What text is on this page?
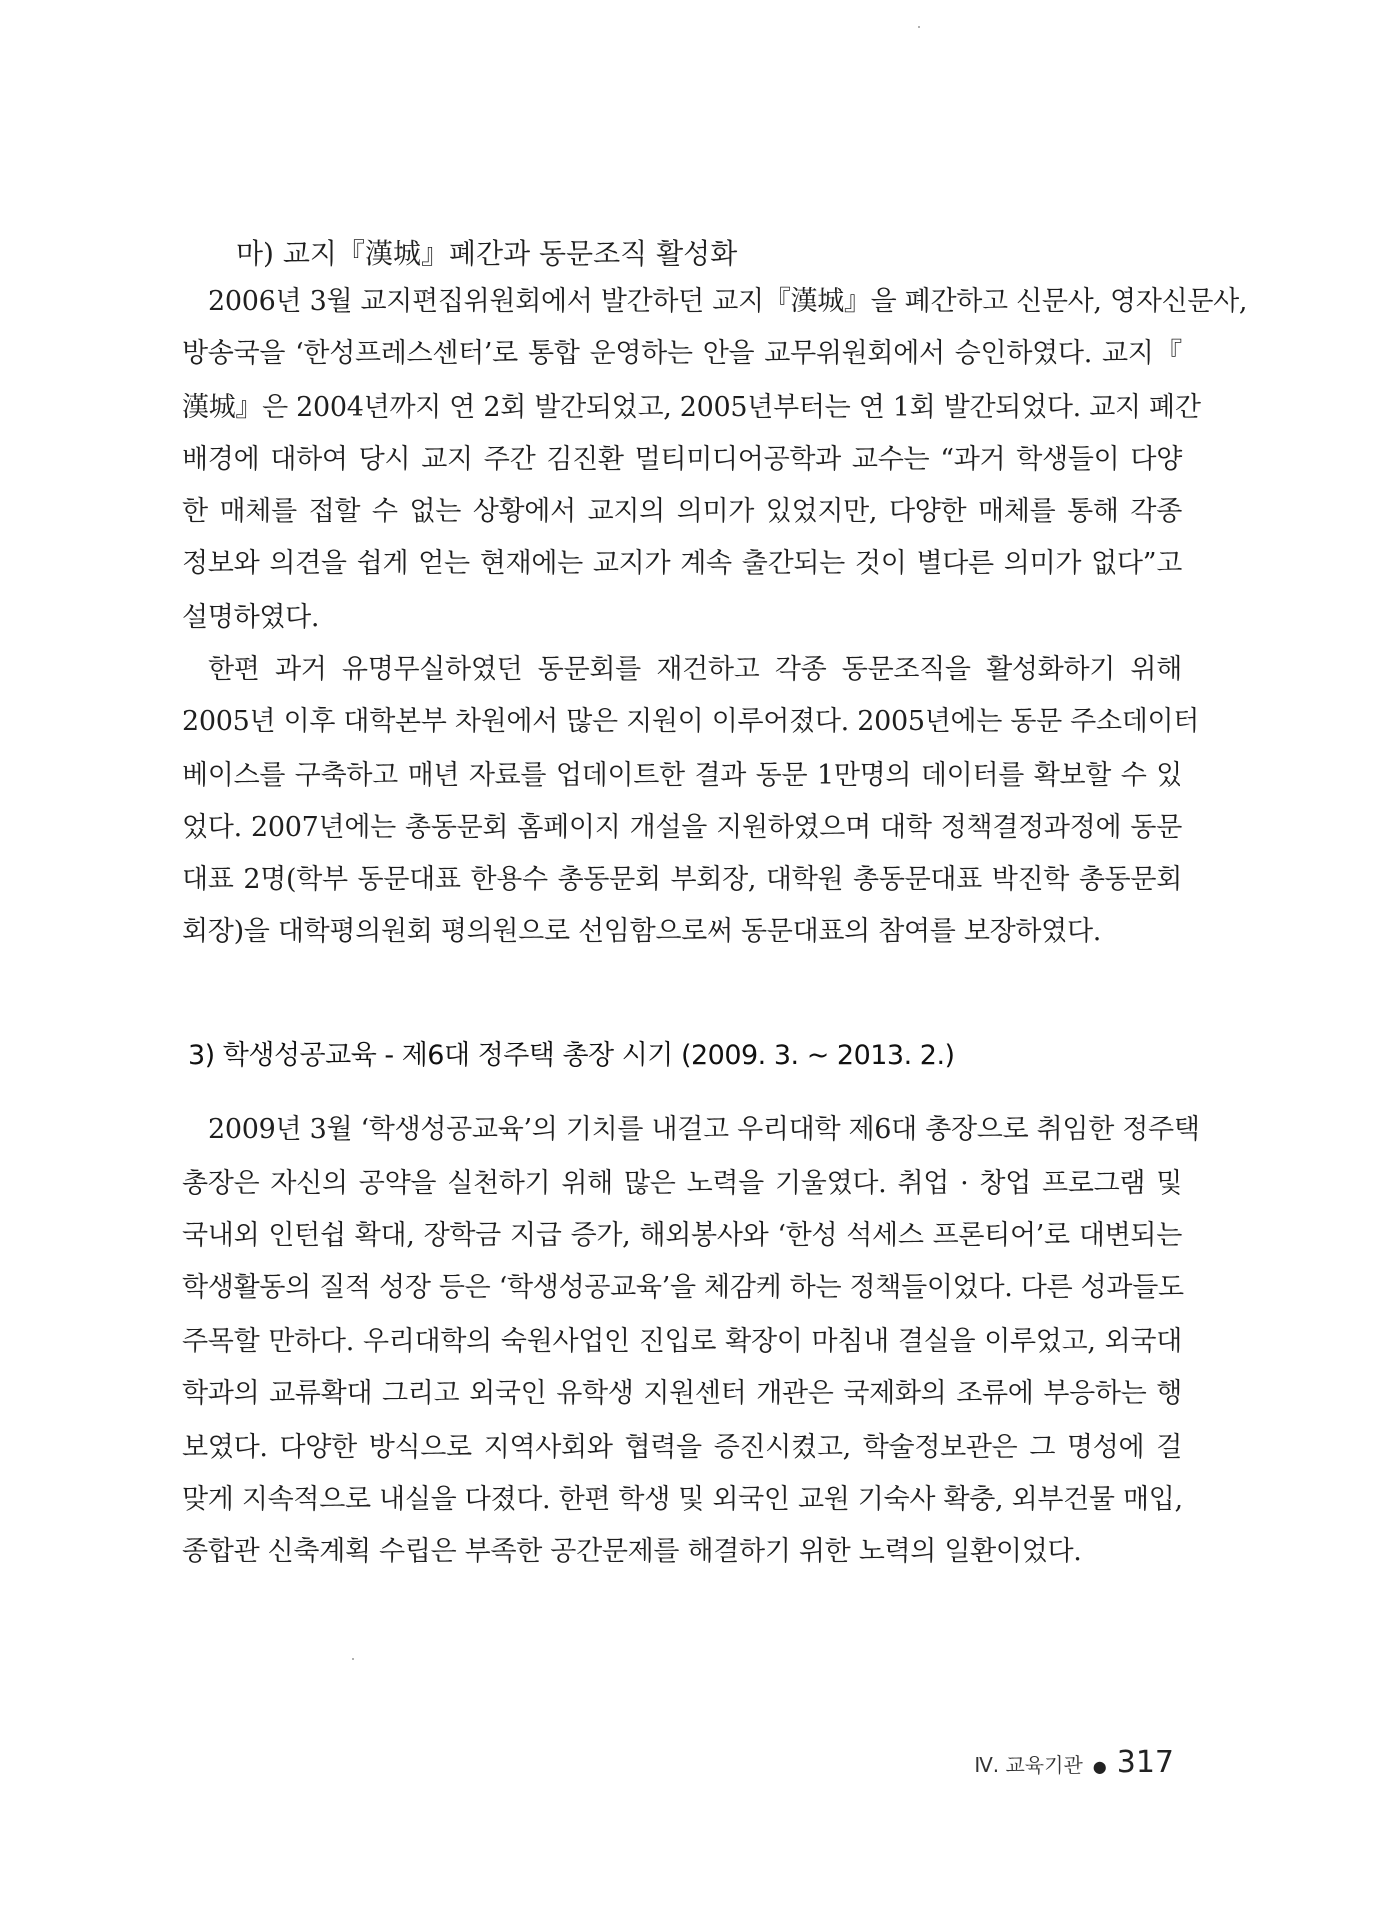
마) 교지『漢城』폐간과 동문조직 활성화
2006년 3월 교지편집위원회에서 발간하던 교지『漢城』을 폐간하고 신문사, 영자신문사,
방송국을 ‘한성프레스센터’로 통합 운영하는 안을 교무위원회에서 승인하였다. 교지『
漢城』은 2004년까지 연 2회 발간되었고, 2005년부터는 연 1회 발간되었다. 교지 폐간
배경에 대하여 당시 교지 주간 김진환 멀티미디어공학과 교수는 “과거 학생들이 다양
한 매체를 접할 수 없는 상황에서 교지의 의미가 있었지만, 다양한 매체를 통해 각종
정보와 의견을 쉽게 얻는 현재에는 교지가 계속 출간되는 것이 별다른 의미가 없다”고
설명하였다.
한편 과거 유명무실하였던 동문회를 재건하고 각종 동문조직을 활성화하기 위해
2005년 이후 대학본부 차원에서 많은 지원이 이루어졌다. 2005년에는 동문 주소데이터
베이스를 구축하고 매년 자료를 업데이트한 결과 동문 1만명의 데이터를 확보할 수 있
었다. 2007년에는 총동문회 홈페이지 개설을 지원하였으며 대학 정책결정과정에 동문
대표 2명(학부 동문대표 한용수 총동문회 부회장, 대학원 총동문대표 박진학 총동문회
회장)을 대학평의원회 평의원으로 선임함으로써 동문대표의 참여를 보장하였다.
3) 학생성공교육 - 제6대 정주택 총장 시기 (2009. 3. ~ 2013. 2.)
2009년 3월 ‘학생성공교육’의 기치를 내걸고 우리대학 제6대 총장으로 취임한 정주택
총장은 자신의 공약을 실천하기 위해 많은 노력을 기울였다. 취업 · 창업 프로그램 및
국내외 인턴쉽 확대, 장학금 지급 증가, 해외봉사와 ‘한성 석세스 프론티어’로 대변되는
학생활동의 질적 성장 등은 ‘학생성공교육’을 체감케 하는 정책들이었다. 다른 성과들도
주목할 만하다. 우리대학의 숙원사업인 진입로 확장이 마침내 결실을 이루었고, 외국대
학과의 교류확대 그리고 외국인 유학생 지원센터 개관은 국제화의 조류에 부응하는 행
보였다. 다양한 방식으로 지역사회와 협력을 증진시켰고, 학술정보관은 그 명성에 걸
맞게 지속적으로 내실을 다졌다. 한편 학생 및 외국인 교원 기숙사 확충, 외부건물 매입,
종합관 신축계획 수립은 부족한 공간문제를 해결하기 위한 노력의 일환이었다.
Ⅳ. 교육기관 ● 317
